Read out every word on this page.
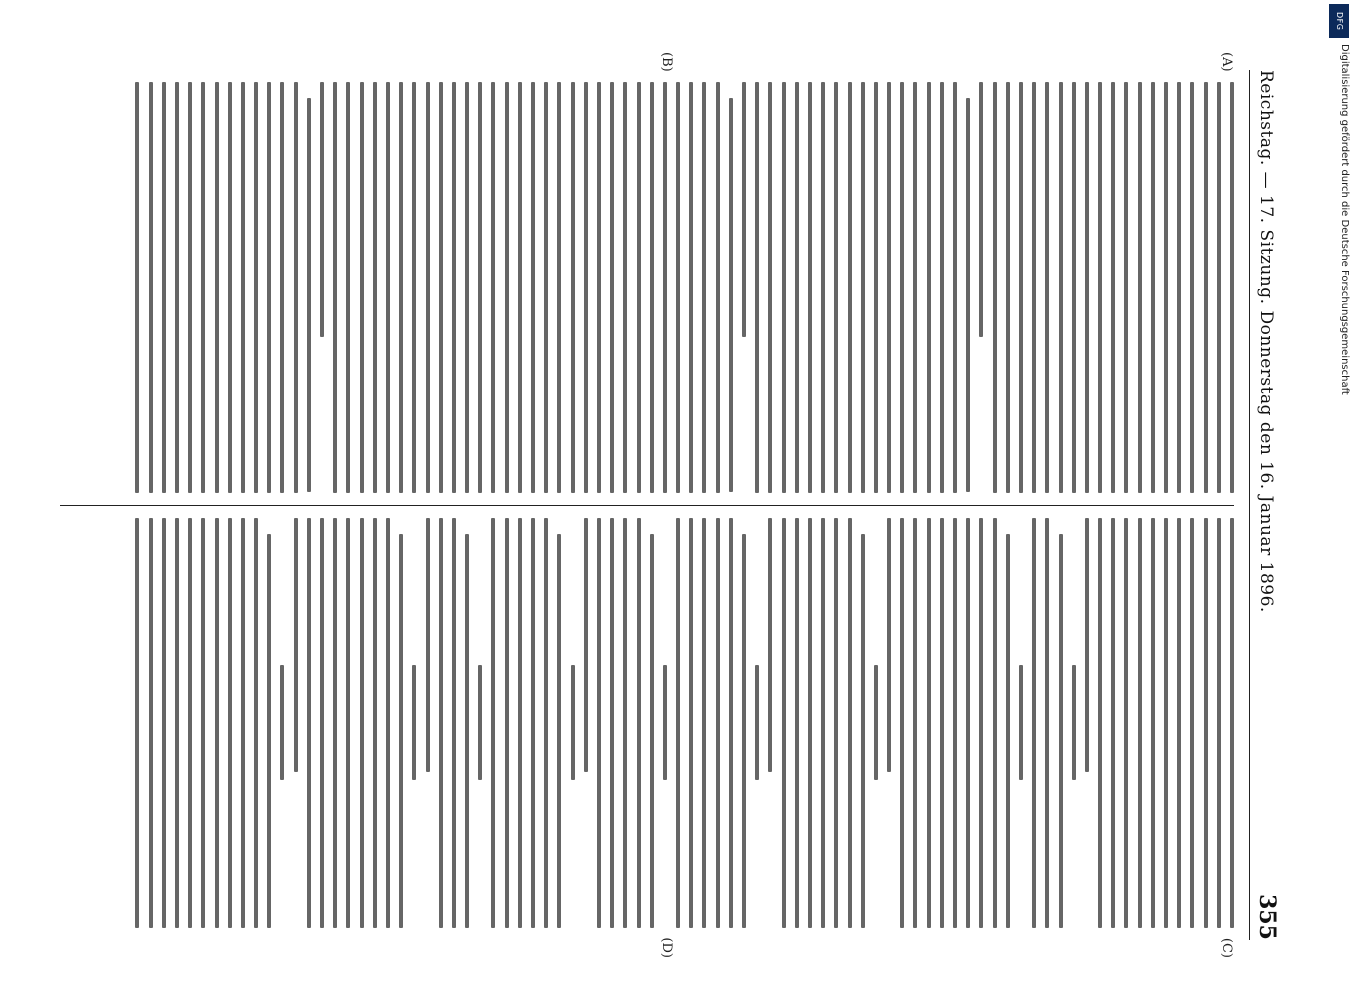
Reichstag. — 17. Sitzung. Donnerstag den 16. Januar 1896.
355
(A)
(B)
(C)
(D)
DFG
Digitalisierung gefördert durch die Deutsche Forschungsgemeinschaft
